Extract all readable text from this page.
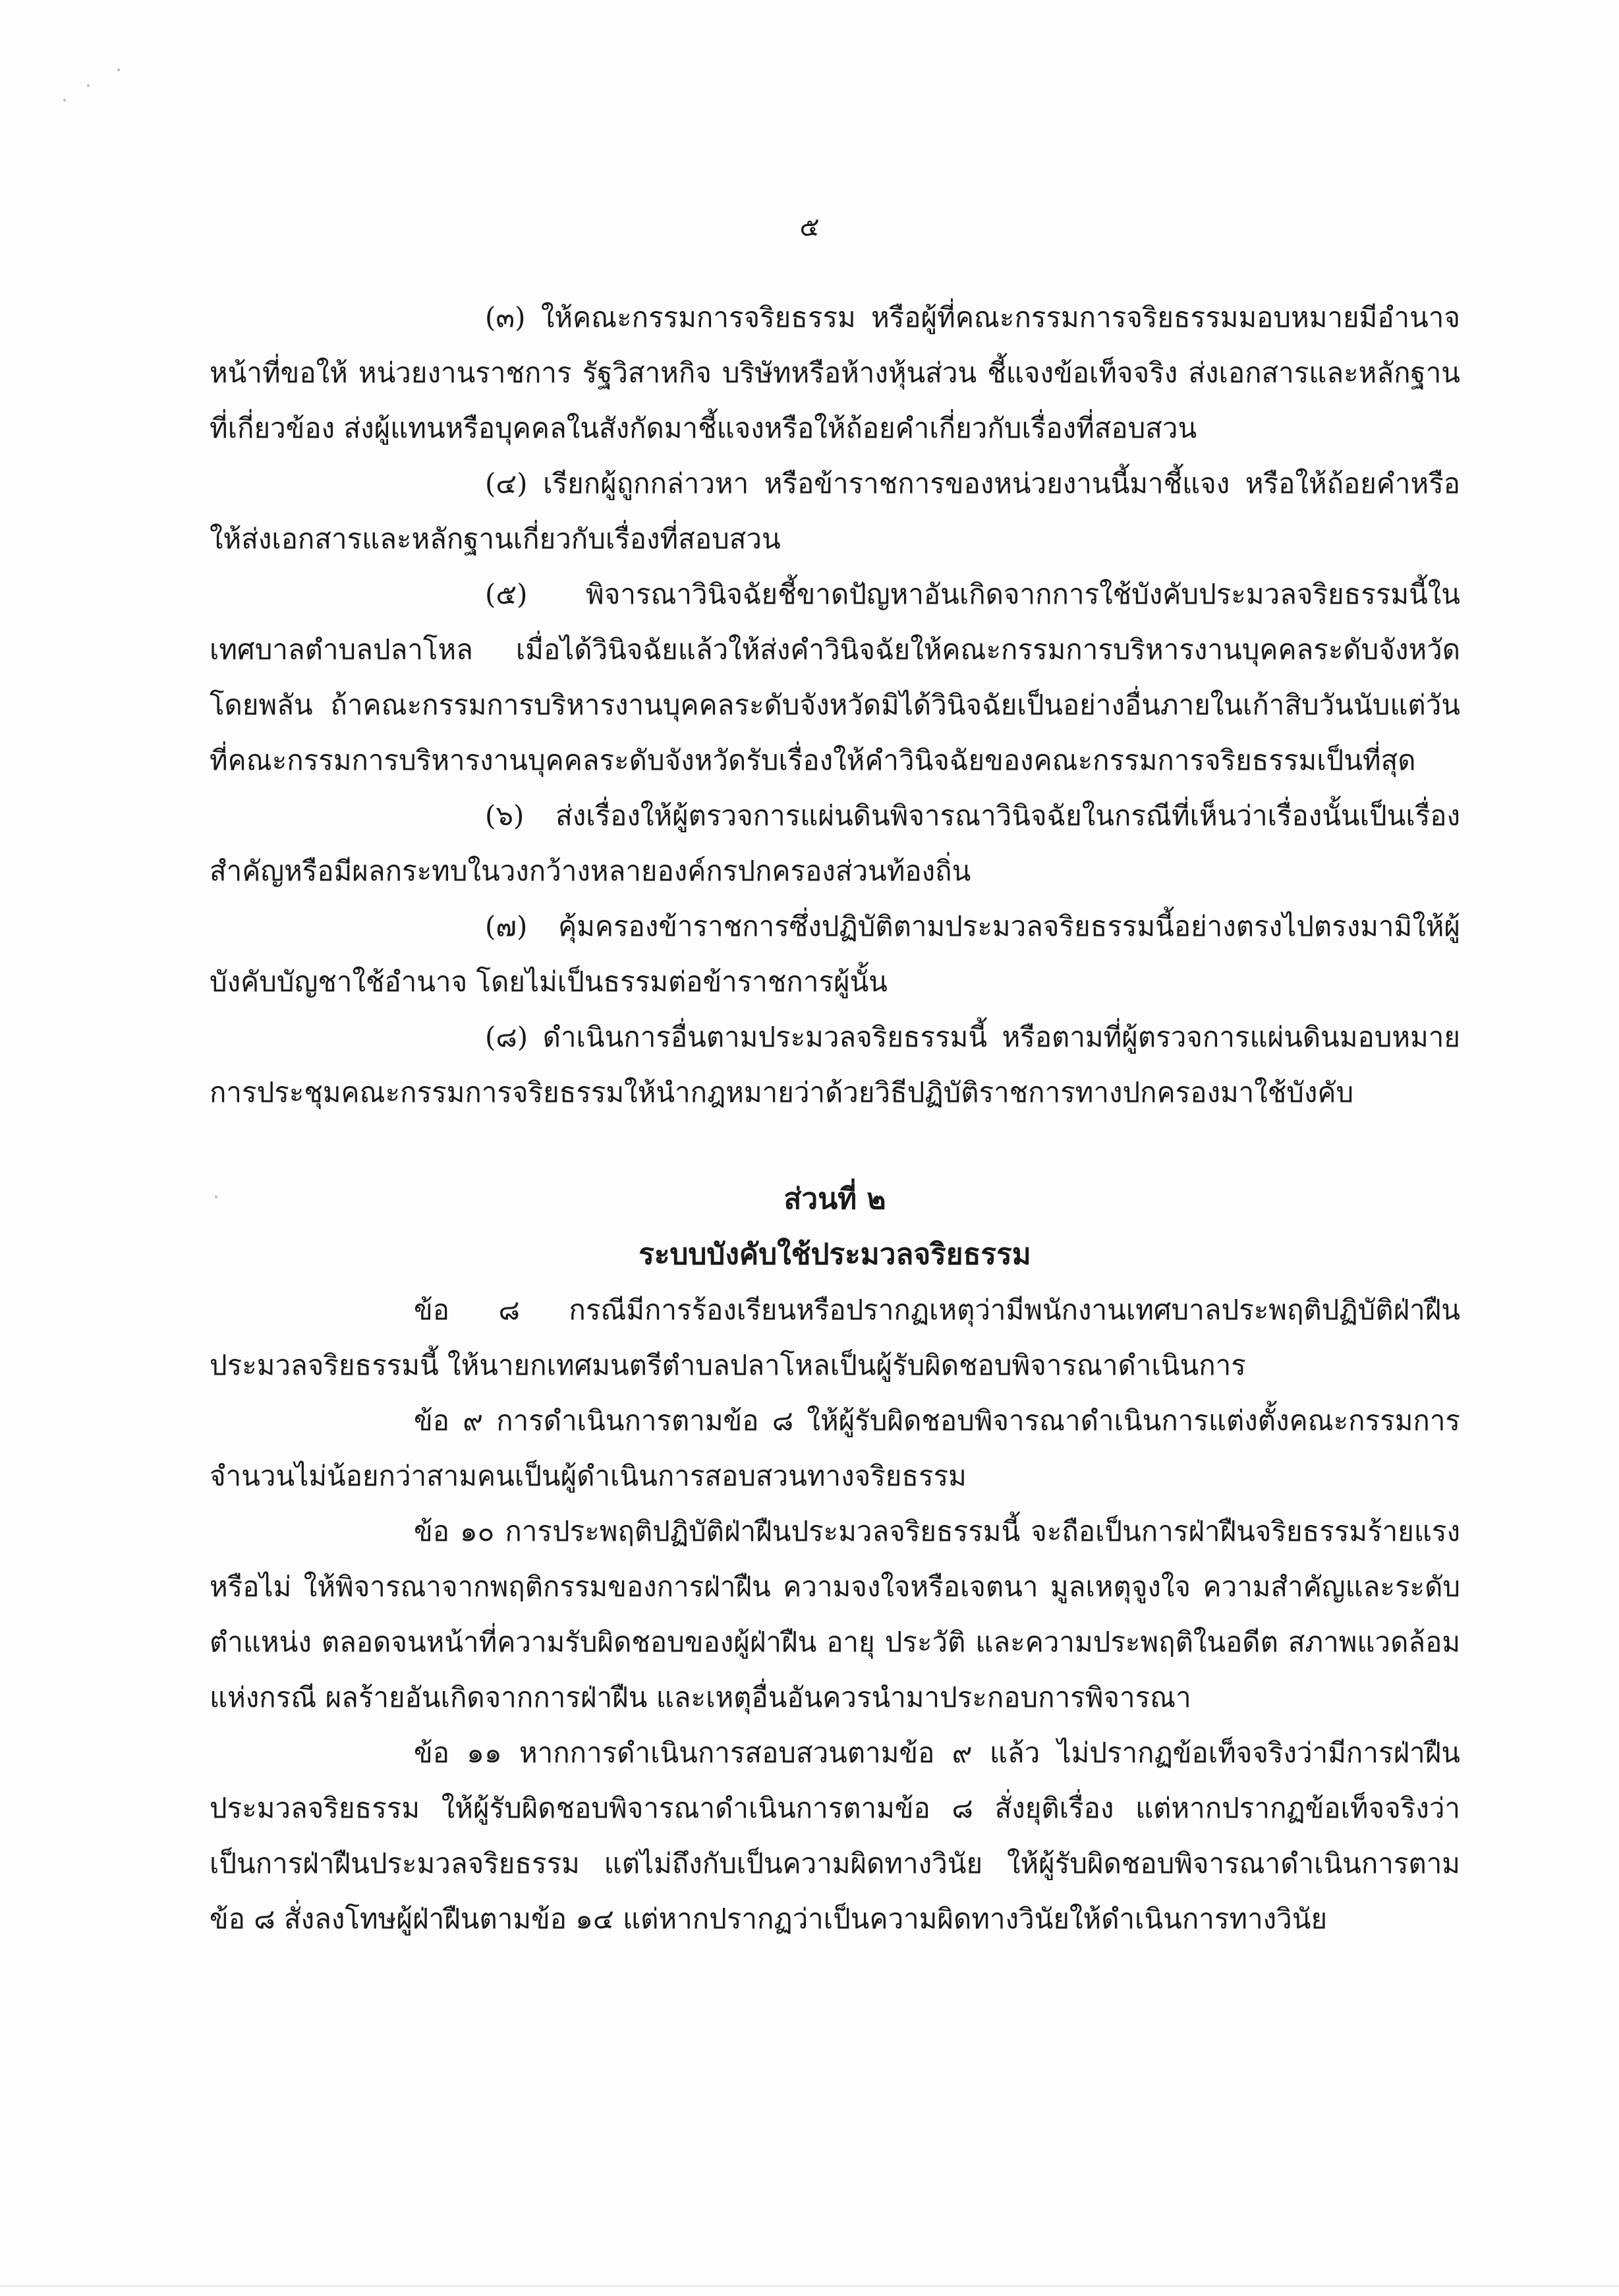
๕

(๓) ให้คณะกรรมการจริยธรรม หรือผู้ที่คณะกรรมการจริยธรรมมอบหมายมีอำนาจหน้าที่ขอให้ หน่วยงานราชการ รัฐวิสาหกิจ บริษัทหรือห้างหุ้นส่วน ชี้แจงข้อเท็จจริง ส่งเอกสารและหลักฐานที่เกี่ยวข้อง ส่งผู้แทนหรือบุคคลในสังกัดมาชี้แจงหรือให้ถ้อยคำเกี่ยวกับเรื่องที่สอบสวน

(๔) เรียกผู้ถูกกล่าวหา หรือข้าราชการของหน่วยงานนี้มาชี้แจง หรือให้ถ้อยคำหรือให้ส่งเอกสารและหลักฐานเกี่ยวกับเรื่องที่สอบสวน

(๕) พิจารณาวินิจฉัยชี้ขาดปัญหาอันเกิดจากการใช้บังคับประมวลจริยธรรมนี้ในเทศบาลตำบลปลาโหล เมื่อได้วินิจฉัยแล้วให้ส่งคำวินิจฉัยให้คณะกรรมการบริหารงานบุคคลระดับจังหวัดโดยพลัน ถ้าคณะกรรมการบริหารงานบุคคลระดับจังหวัดมิได้วินิจฉัยเป็นอย่างอื่นภายในเก้าสิบวันนับแต่วันที่คณะกรรมการบริหารงานบุคคลระดับจังหวัดรับเรื่องให้คำวินิจฉัยของคณะกรรมการจริยธรรมเป็นที่สุด

(๖) ส่งเรื่องให้ผู้ตรวจการแผ่นดินพิจารณาวินิจฉัยในกรณีที่เห็นว่าเรื่องนั้นเป็นเรื่องสำคัญหรือมีผลกระทบในวงกว้างหลายองค์กรปกครองส่วนท้องถิ่น

(๗) คุ้มครองข้าราชการซึ่งปฏิบัติตามประมวลจริยธรรมนี้อย่างตรงไปตรงมามิให้ผู้บังคับบัญชาใช้อำนาจ โดยไม่เป็นธรรมต่อข้าราชการผู้นั้น

(๘) ดำเนินการอื่นตามประมวลจริยธรรมนี้ หรือตามที่ผู้ตรวจการแผ่นดินมอบหมายการประชุมคณะกรรมการจริยธรรมให้นำกฎหมายว่าด้วยวิธีปฏิบัติราชการทางปกครองมาใช้บังคับ

ส่วนที่ ๒

ระบบบังคับใช้ประมวลจริยธรรม

ข้อ ๘ กรณีมีการร้องเรียนหรือปรากฏเหตุว่ามีพนักงานเทศบาลประพฤติปฏิบัติฝ่าฝืนประมวลจริยธรรมนี้ ให้นายกเทศมนตรีตำบลปลาโหลเป็นผู้รับผิดชอบพิจารณาดำเนินการ

ข้อ ๙ การดำเนินการตามข้อ ๘ ให้ผู้รับผิดชอบพิจารณาดำเนินการแต่งตั้งคณะกรรมการจำนวนไม่น้อยกว่าสามคนเป็นผู้ดำเนินการสอบสวนทางจริยธรรม

ข้อ ๑๐ การประพฤติปฏิบัติฝ่าฝืนประมวลจริยธรรมนี้ จะถือเป็นการฝ่าฝืนจริยธรรมร้ายแรงหรือไม่ ให้พิจารณาจากพฤติกรรมของการฝ่าฝืน ความจงใจหรือเจตนา มูลเหตุจูงใจ ความสำคัญและระดับตำแหน่ง ตลอดจนหน้าที่ความรับผิดชอบของผู้ฝ่าฝืน อายุ ประวัติ และความประพฤติในอดีต สภาพแวดล้อมแห่งกรณี ผลร้ายอันเกิดจากการฝ่าฝืน และเหตุอื่นอันควรนำมาประกอบการพิจารณา

ข้อ ๑๑ หากการดำเนินการสอบสวนตามข้อ ๙ แล้ว ไม่ปรากฏข้อเท็จจริงว่ามีการฝ่าฝืนประมวลจริยธรรม ให้ผู้รับผิดชอบพิจารณาดำเนินการตามข้อ ๘ สั่งยุติเรื่อง แต่หากปรากฏข้อเท็จจริงว่าเป็นการฝ่าฝืนประมวลจริยธรรม แต่ไม่ถึงกับเป็นความผิดทางวินัย ให้ผู้รับผิดชอบพิจารณาดำเนินการตามข้อ ๘ สั่งลงโทษผู้ฝ่าฝืนตามข้อ ๑๔ แต่หากปรากฏว่าเป็นความผิดทางวินัยให้ดำเนินการทางวินัย
